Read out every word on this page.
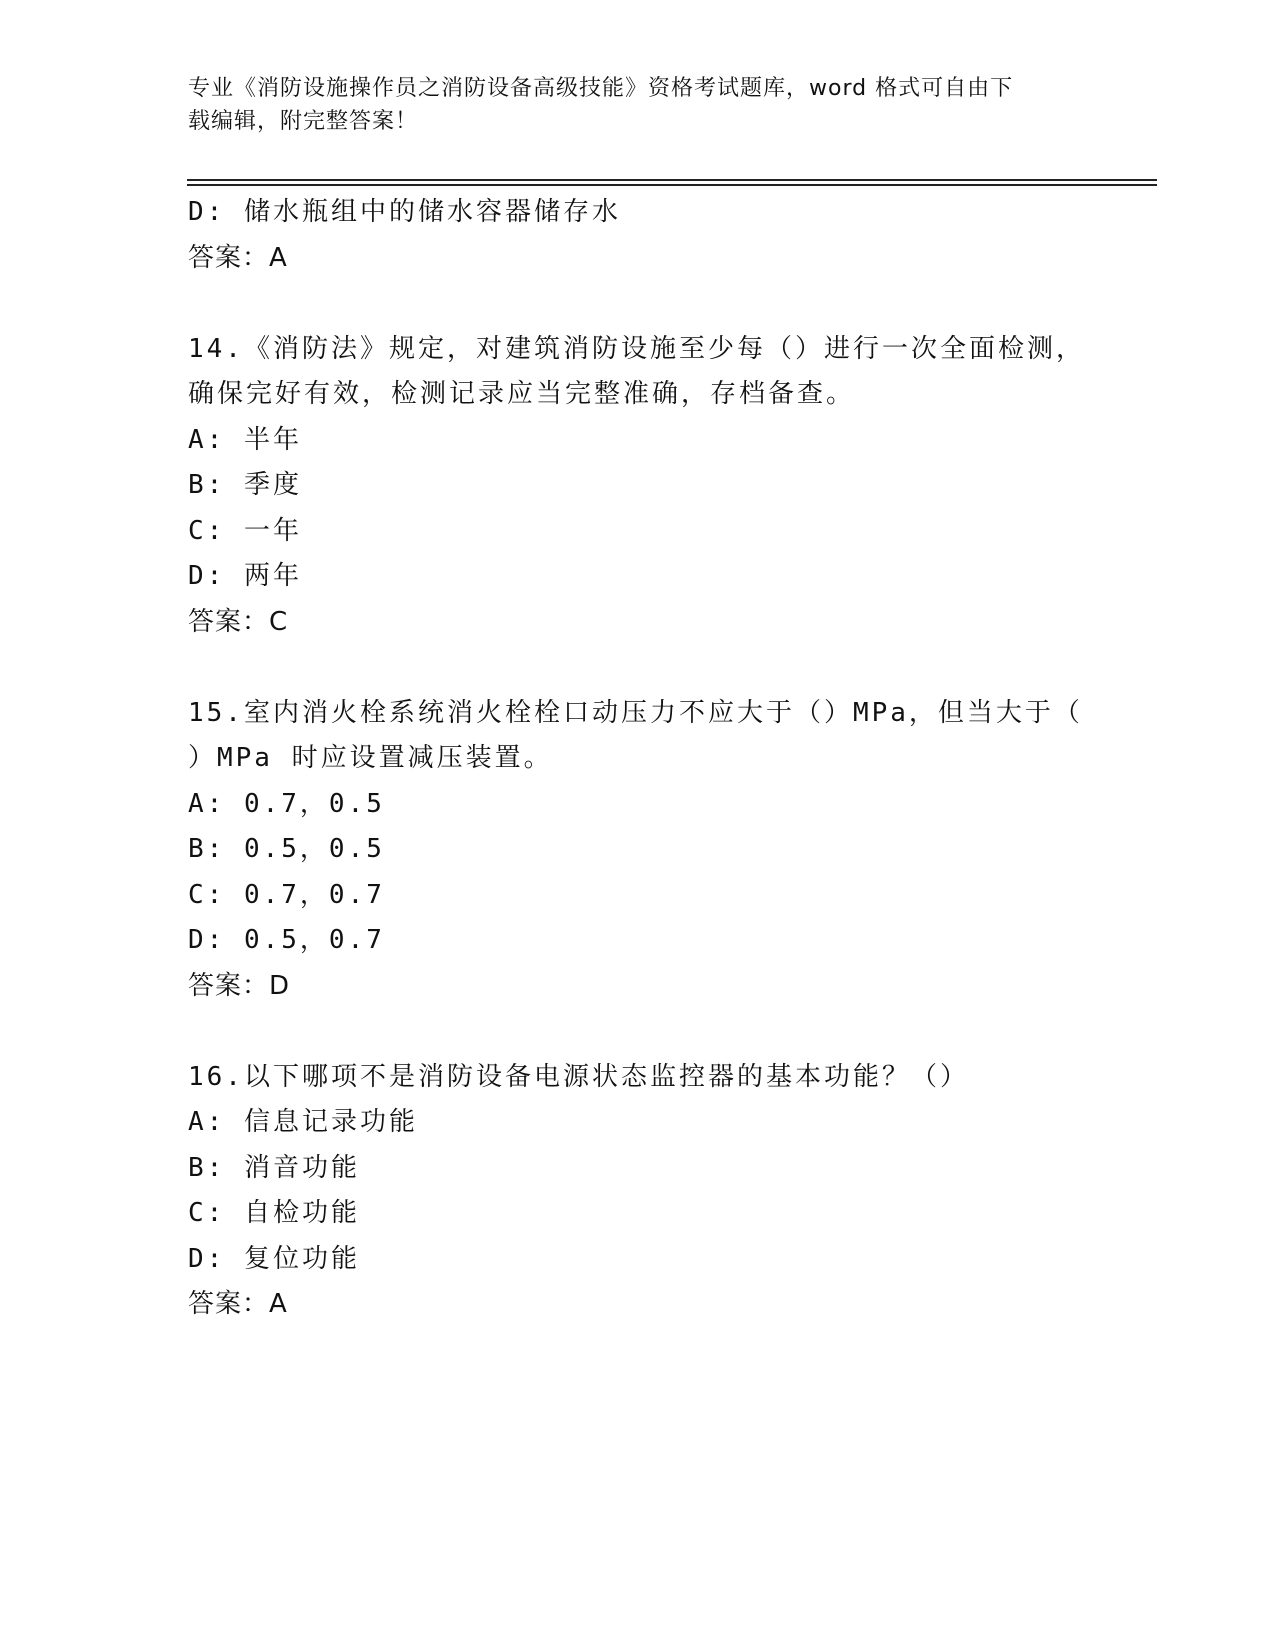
专业《消防设施操作员之消防设备高级技能》资格考试题库，word 格式可自由下
载编辑，附完整答案！
D: 储水瓶组中的储水容器储存水
答案：A
14.《消防法》规定，对建筑消防设施至少每（）进行一次全面检测，
确保完好有效，检测记录应当完整准确，存档备查。
A: 半年
B: 季度
C: 一年
D: 两年
答案：C
15.室内消火栓系统消火栓栓口动压力不应大于（）MPa，但当大于（
）MPa 时应设置减压装置。
A: 0.7，0.5
B: 0.5，0.5
C: 0.7，0.7
D: 0.5，0.7
答案：D
16.以下哪项不是消防设备电源状态监控器的基本功能？（）
A: 信息记录功能
B: 消音功能
C: 自检功能
D: 复位功能
答案：A
